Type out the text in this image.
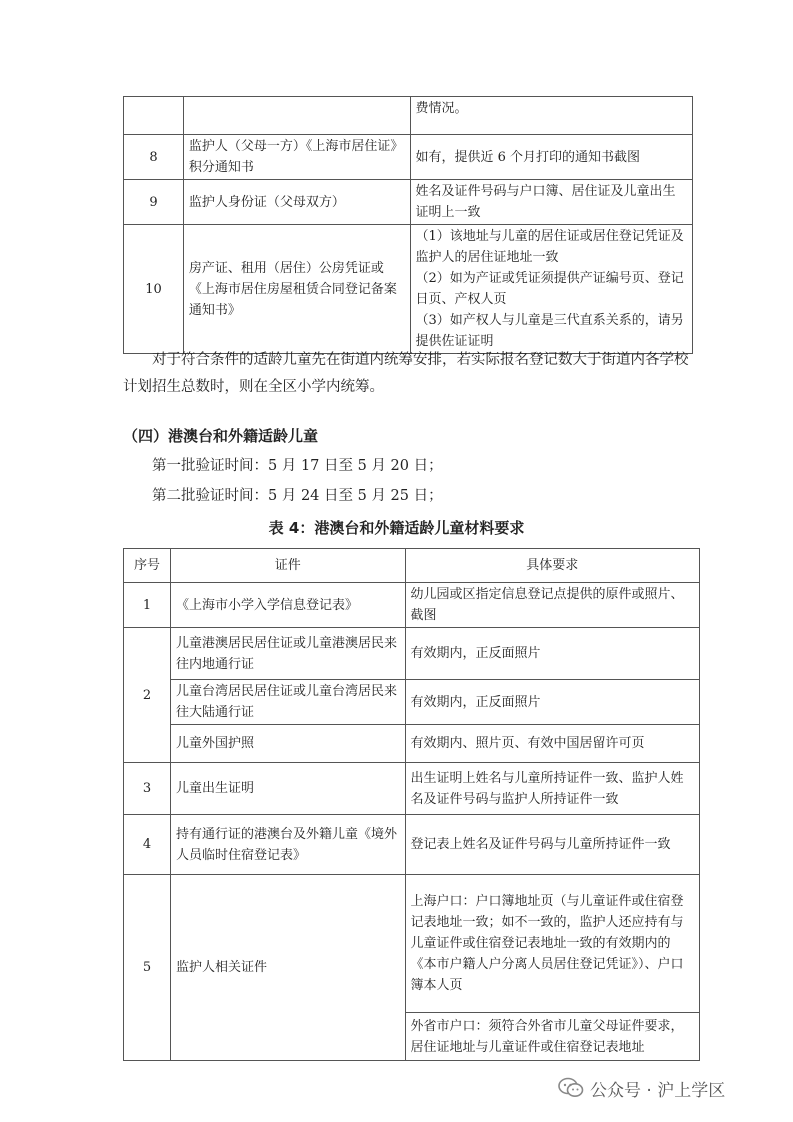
		费情况。

8	监护人（父母一方）《上海市居住证》积分通知书	如有，提供近 6 个月打印的通知书截图

9	监护人身份证（父母双方）	姓名及证件号码与户口簿、居住证及儿童出生证明上一致

10	房产证、租用（居住）公房凭证或《上海市居住房屋租赁合同登记备案通知书》	（1）该地址与儿童的居住证或居住登记凭证及监护人的居住证地址一致
（2）如为产证或凭证须提供产证编号页、登记日页、产权人页
（3）如产权人与儿童是三代直系关系的，请另提供佐证证明

对于符合条件的适龄儿童先在街道内统筹安排，若实际报名登记数大于街道内各学校计划招生总数时，则在全区小学内统筹。

（四）港澳台和外籍适龄儿童

第一批验证时间：5 月 17 日至 5 月 20 日；

第二批验证时间：5 月 24 日至 5 月 25 日；

表 4：港澳台和外籍适龄儿童材料要求
序号	证件	具体要求
1	《上海市小学入学信息登记表》	幼儿园或区指定信息登记点提供的原件或照片、截图
2	儿童港澳居民居住证或儿童港澳居民来往内地通行证	有效期内，正反面照片
	儿童台湾居民居住证或儿童台湾居民来往大陆通行证	有效期内，正反面照片
	儿童外国护照	有效期内、照片页、有效中国居留许可页
3	儿童出生证明	出生证明上姓名与儿童所持证件一致、监护人姓名及证件号码与监护人所持证件一致
4	持有通行证的港澳台及外籍儿童《境外人员临时住宿登记表》	登记表上姓名及证件号码与儿童所持证件一致
5	监护人相关证件	上海户口：户口簿地址页（与儿童证件或住宿登记表地址一致；如不一致的，监护人还应持有与儿童证件或住宿登记表地址一致的有效期内的《本市户籍人户分离人员居住登记凭证》）、户口簿本人页
		外省市户口：须符合外省市儿童父母证件要求，居住证地址与儿童证件或住宿登记表地址
公众号 · 沪上学区
